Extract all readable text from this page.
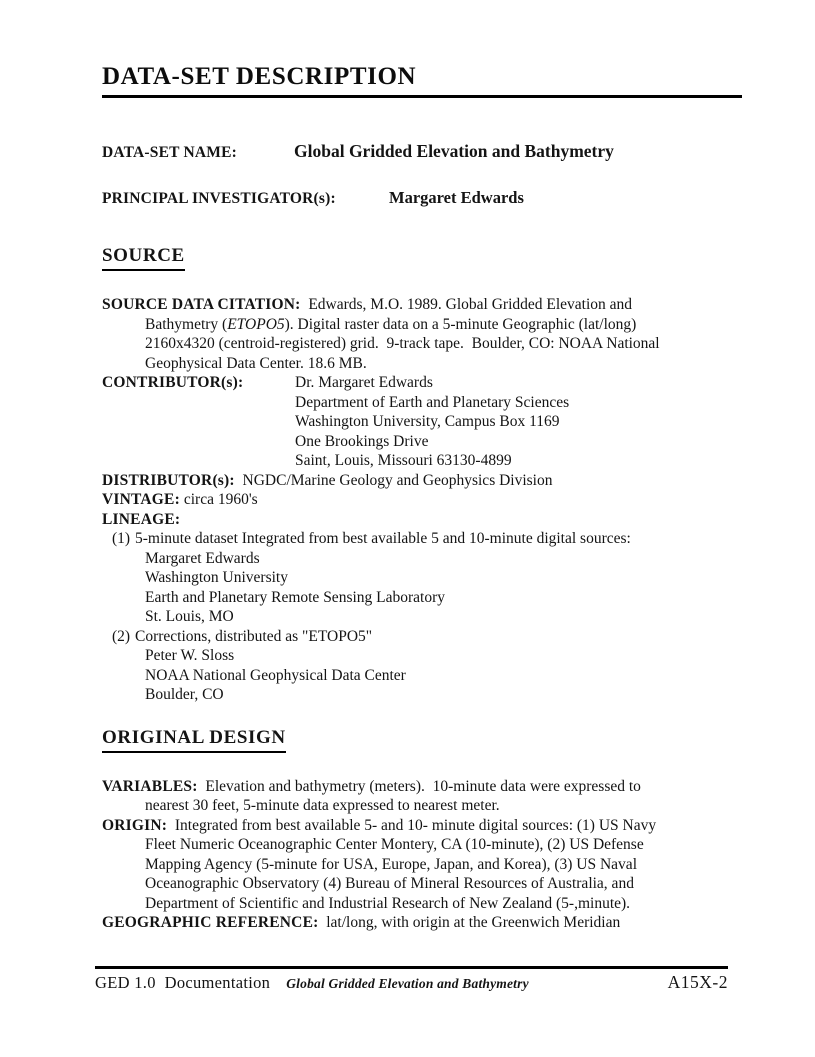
DATA-SET DESCRIPTION
DATA-SET NAME:	Global Gridded Elevation and Bathymetry
PRINCIPAL INVESTIGATOR(s):	Margaret Edwards
SOURCE
SOURCE DATA CITATION:  Edwards, M.O. 1989. Global Gridded Elevation and
Bathymetry (ETOPO5). Digital raster data on a 5-minute Geographic (lat/long)
2160x4320 (centroid-registered) grid.  9-track tape.  Boulder, CO: NOAA National
Geophysical Data Center. 18.6 MB.
CONTRIBUTOR(s):	Dr. Margaret Edwards
Department of Earth and Planetary Sciences
Washington University, Campus Box 1169
One Brookings Drive
Saint, Louis, Missouri 63130-4899
DISTRIBUTOR(s):  NGDC/Marine Geology and Geophysics Division
VINTAGE: circa 1960's
LINEAGE:
(1) 5-minute dataset Integrated from best available 5 and 10-minute digital sources:
Margaret Edwards
Washington University
Earth and Planetary Remote Sensing Laboratory
St. Louis, MO
(2) Corrections, distributed as "ETOPO5"
Peter W. Sloss
NOAA National Geophysical Data Center
Boulder, CO
ORIGINAL DESIGN
VARIABLES:  Elevation and bathymetry (meters).  10-minute data were expressed to
nearest 30 feet, 5-minute data expressed to nearest meter.
ORIGIN:  Integrated from best available 5- and 10- minute digital sources: (1) US Navy
Fleet Numeric Oceanographic Center Montery, CA (10-minute), (2) US Defense
Mapping Agency (5-minute for USA, Europe, Japan, and Korea), (3) US Naval
Oceanographic Observatory (4) Bureau of Mineral Resources of Australia, and
Department of Scientific and Industrial Research of New Zealand (5-,minute).
GEOGRAPHIC REFERENCE:  lat/long, with origin at the Greenwich Meridian
GED 1.0  Documentation Global Gridded Elevation and Bathymetry	A15X-2
